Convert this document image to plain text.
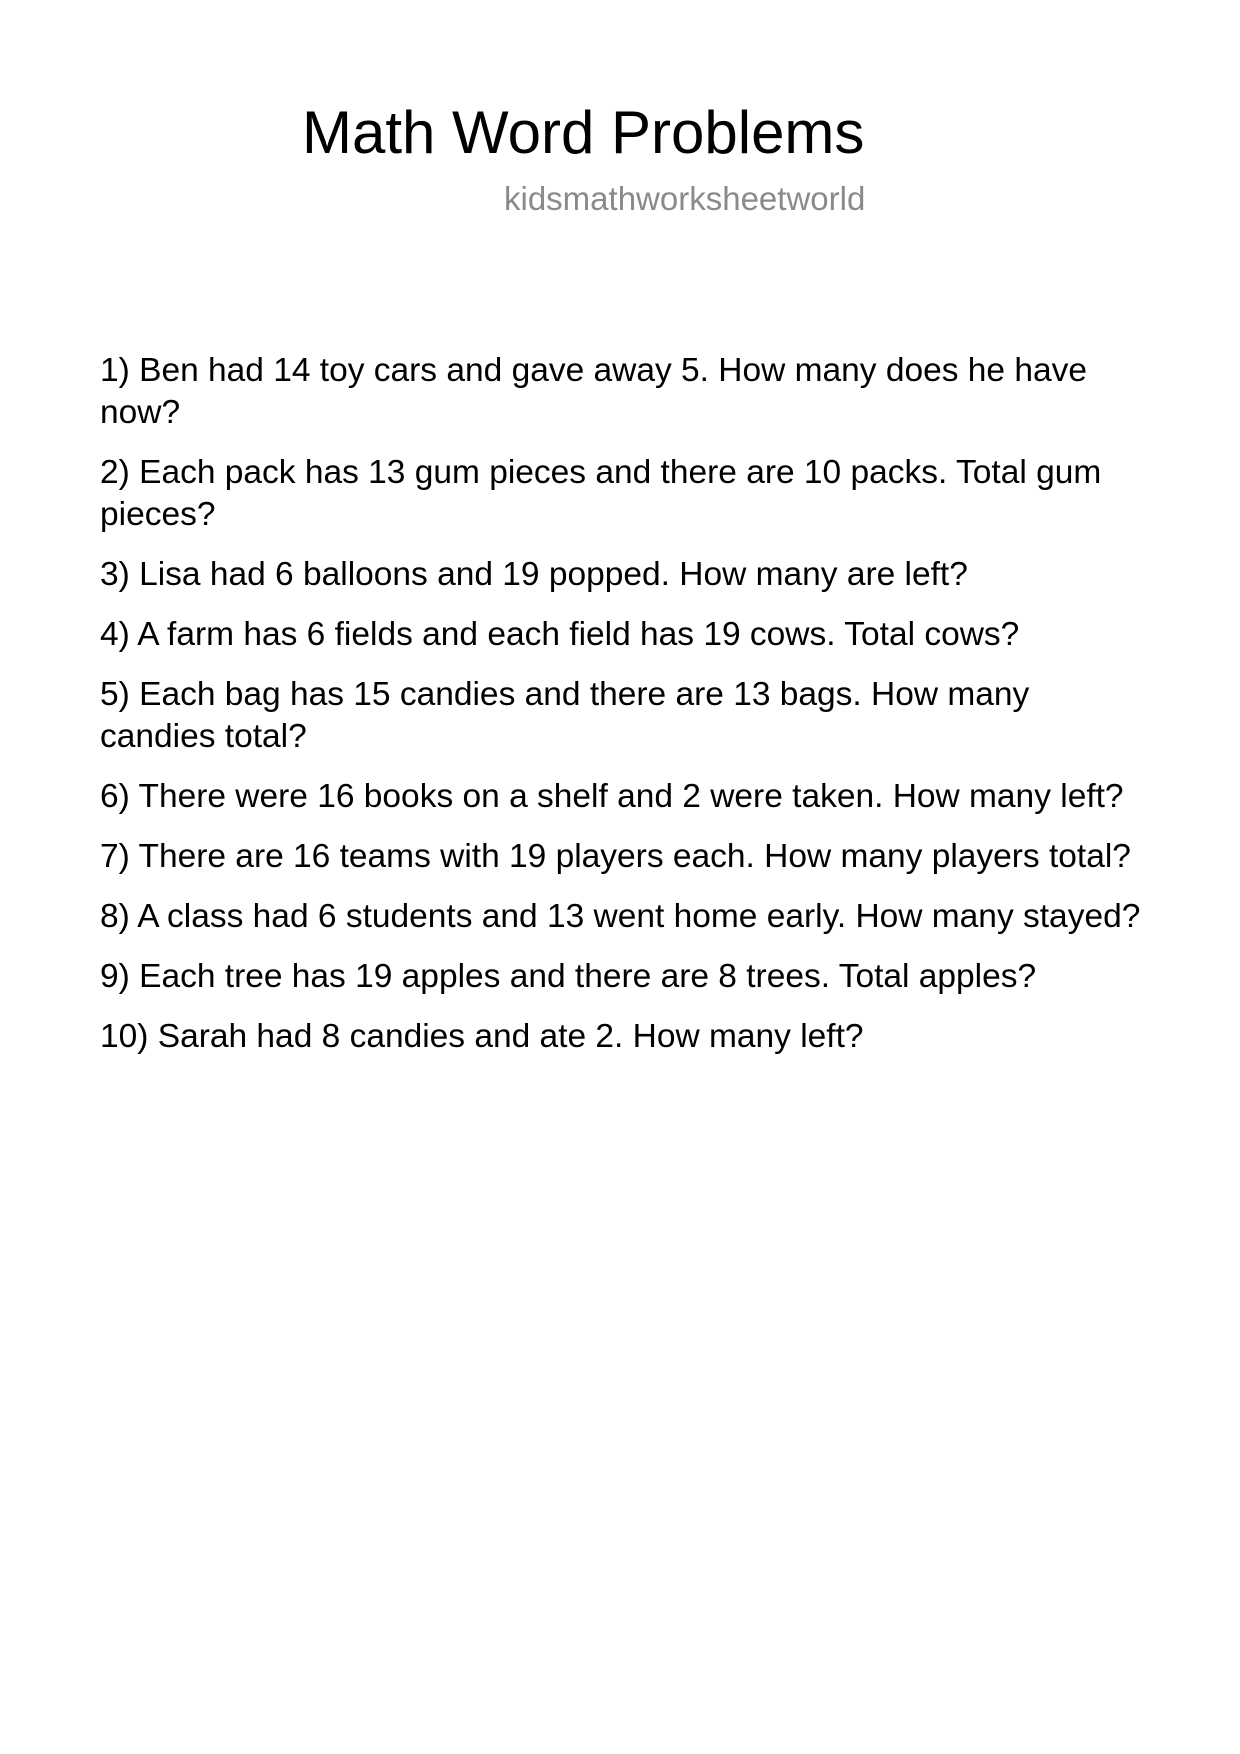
Math Word Problems
kidsmathworksheetworld
1) Ben had 14 toy cars and gave away 5. How many does he have now?
2) Each pack has 13 gum pieces and there are 10 packs. Total gum pieces?
3) Lisa had 6 balloons and 19 popped. How many are left?
4) A farm has 6 fields and each field has 19 cows. Total cows?
5) Each bag has 15 candies and there are 13 bags. How many candies total?
6) There were 16 books on a shelf and 2 were taken. How many left?
7) There are 16 teams with 19 players each. How many players total?
8) A class had 6 students and 13 went home early. How many stayed?
9) Each tree has 19 apples and there are 8 trees. Total apples?
10) Sarah had 8 candies and ate 2. How many left?
